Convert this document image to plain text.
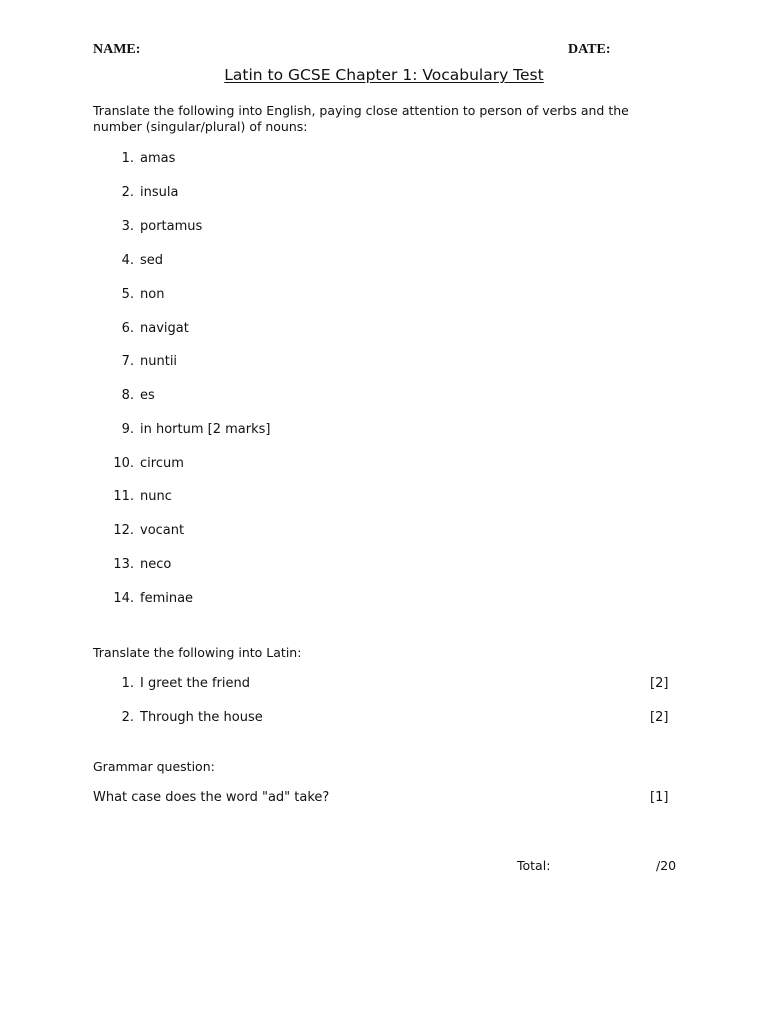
NAME:	DATE:
Latin to GCSE Chapter 1: Vocabulary Test
Translate the following into English, paying close attention to person of verbs and the number (singular/plural) of nouns:
1. amas
2. insula
3. portamus
4. sed
5. non
6. navigat
7. nuntii
8. es
9. in hortum [2 marks]
10. circum
11. nunc
12. vocant
13. neco
14. feminae
Translate the following into Latin:
1. I greet the friend	[2]
2. Through the house	[2]
Grammar question:
What case does the word "ad" take?	[1]
Total:	/20
